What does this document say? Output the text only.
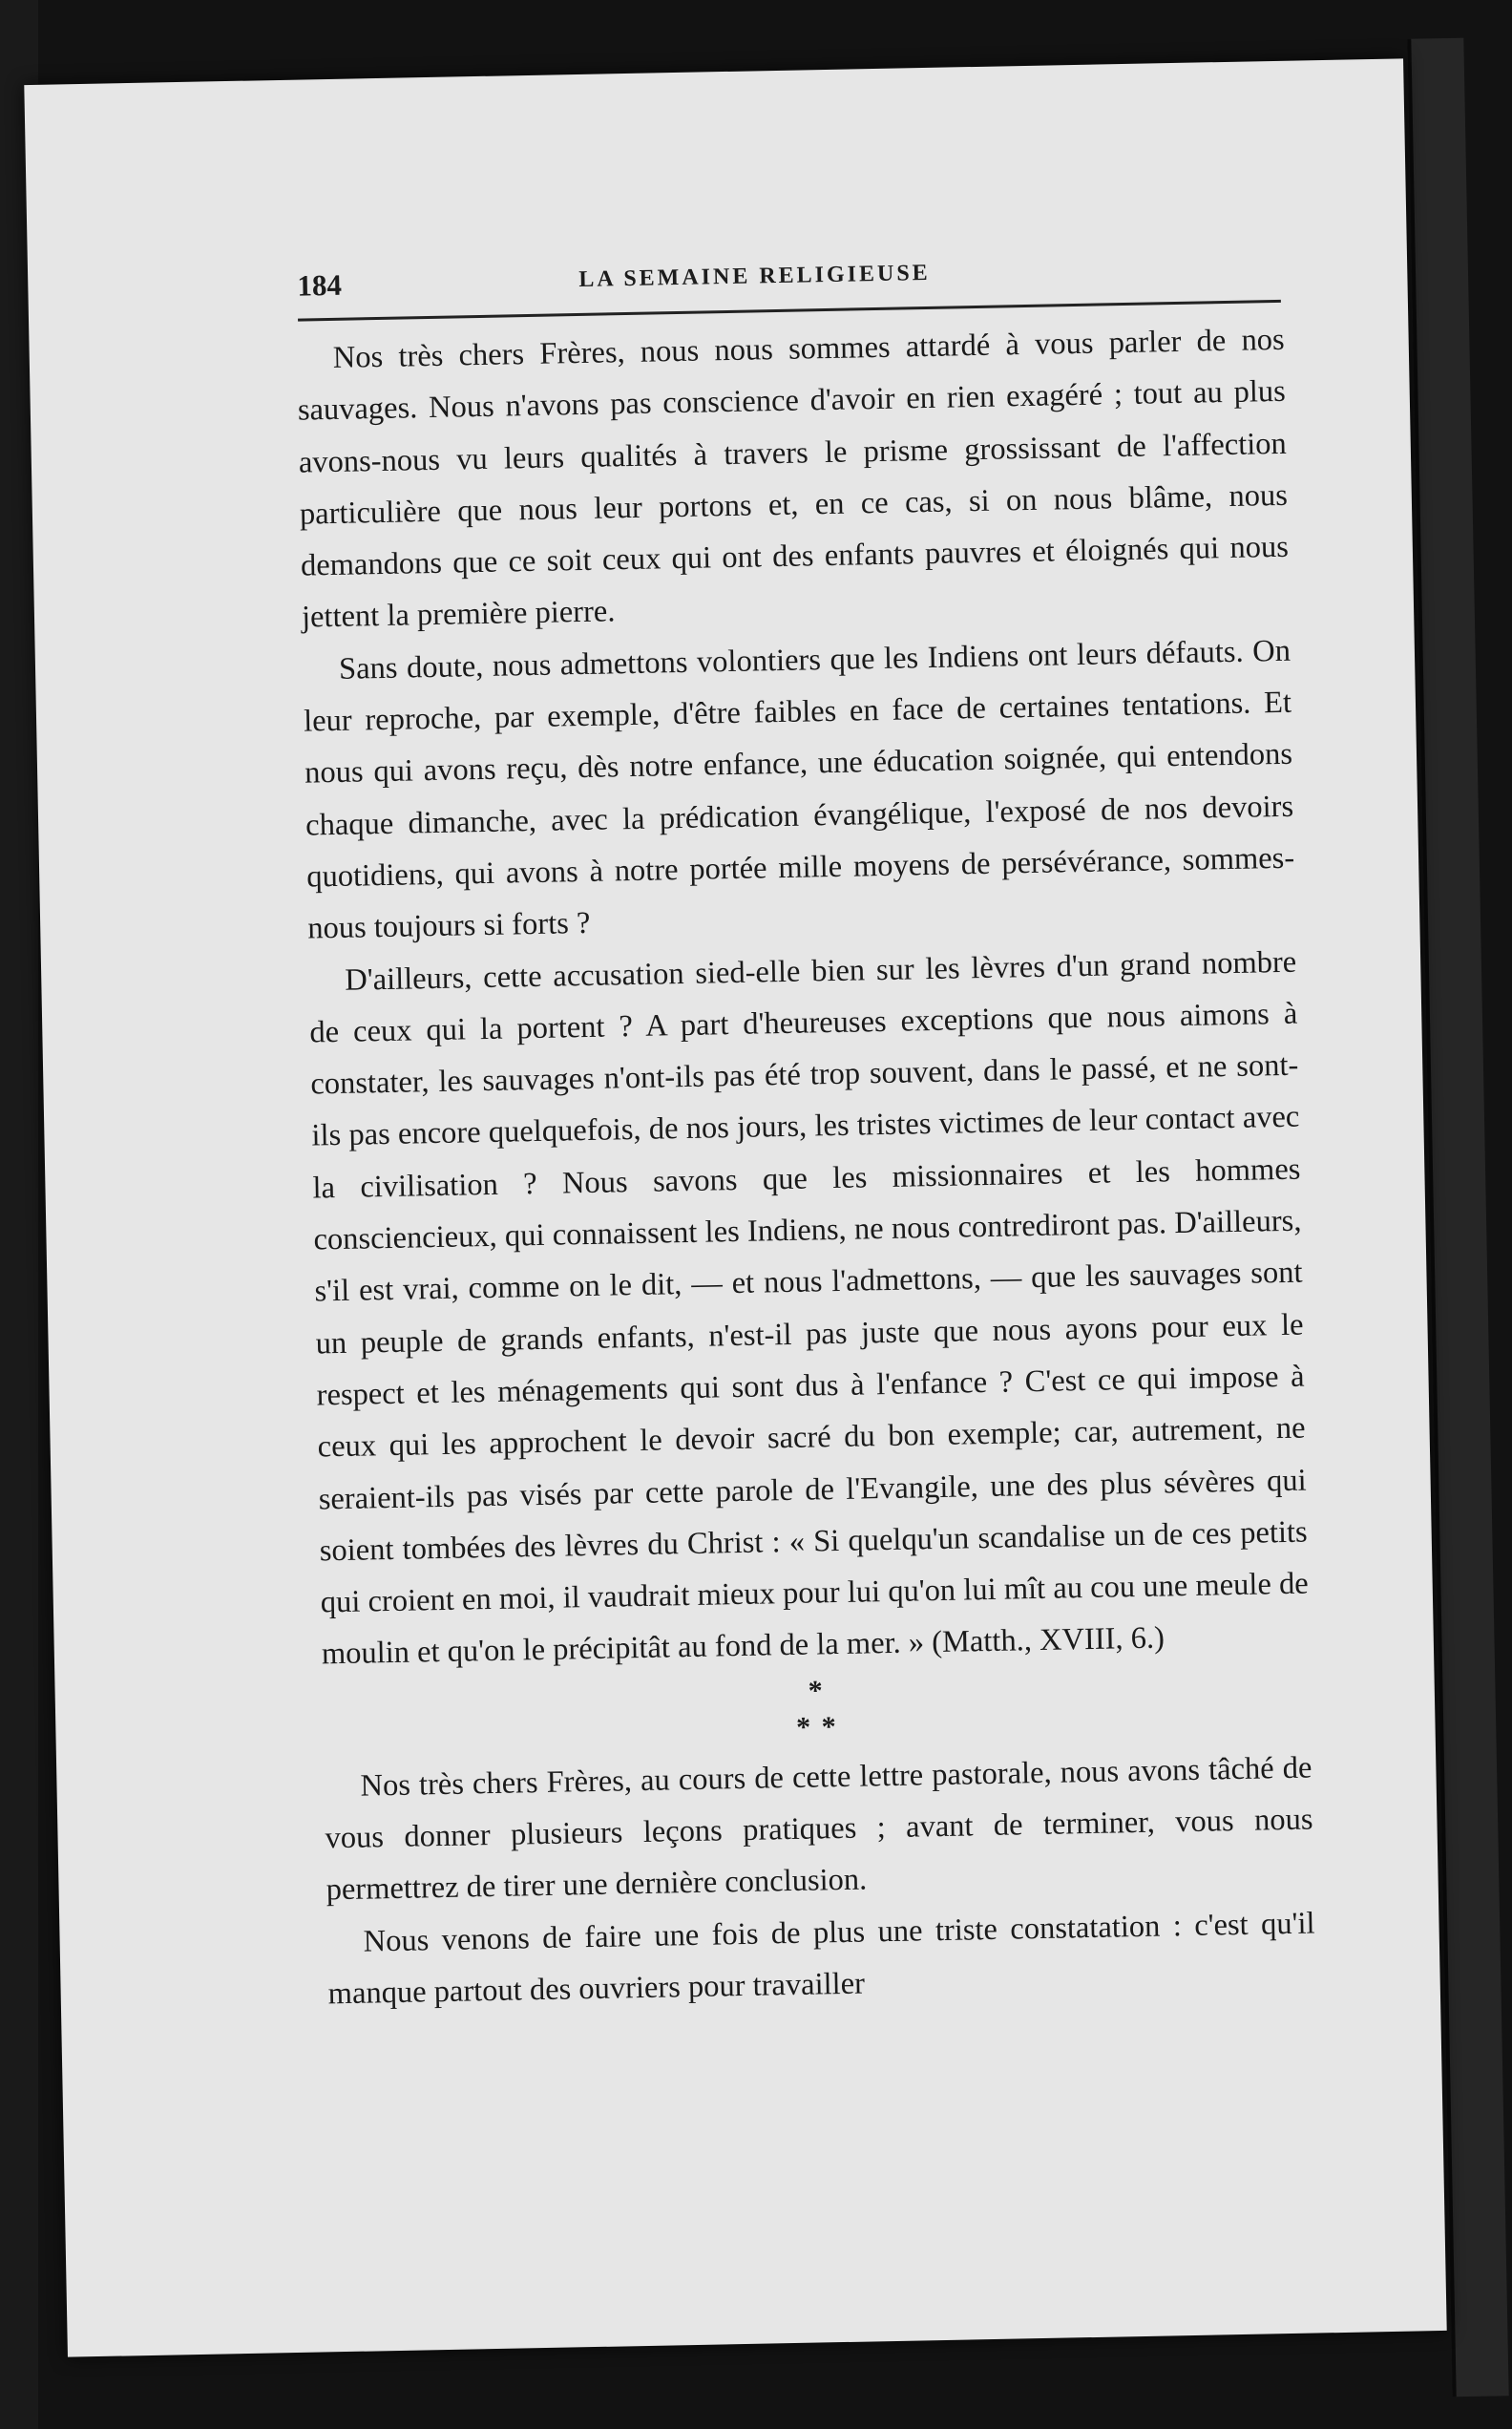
184	LA SEMAINE RELIGIEUSE

Nos très chers Frères, nous nous sommes attardé à vous parler de nos sauvages. Nous n'avons pas conscience d'avoir en rien exagéré ; tout au plus avons-nous vu leurs qualités à travers le prisme grossissant de l'affection particulière que nous leur portons et, en ce cas, si on nous blâme, nous demandons que ce soit ceux qui ont des enfants pauvres et éloignés qui nous jettent la première pierre.

Sans doute, nous admettons volontiers que les Indiens ont leurs défauts. On leur reproche, par exemple, d'être faibles en face de certaines tentations. Et nous qui avons reçu, dès notre enfance, une éducation soignée, qui entendons chaque dimanche, avec la prédication évangélique, l'exposé de nos devoirs quotidiens, qui avons à notre portée mille moyens de persévérance, sommes-nous toujours si forts ?

D'ailleurs, cette accusation sied-elle bien sur les lèvres d'un grand nombre de ceux qui la portent ? A part d'heureuses exceptions que nous aimons à constater, les sauvages n'ont-ils pas été trop souvent, dans le passé, et ne sont-ils pas encore quelquefois, de nos jours, les tristes victimes de leur contact avec la civilisation ? Nous savons que les missionnaires et les hommes consciencieux, qui connaissent les Indiens, ne nous contrediront pas. D'ailleurs, s'il est vrai, comme on le dit, — et nous l'admettons, — que les sauvages sont un peuple de grands enfants, n'est-il pas juste que nous ayons pour eux le respect et les ménagements qui sont dus à l'enfance ? C'est ce qui impose à ceux qui les approchent le devoir sacré du bon exemple; car, autrement, ne seraient-ils pas visés par cette parole de l'Evangile, une des plus sévères qui soient tombées des lèvres du Christ : « Si quelqu'un scandalise un de ces petits qui croient en moi, il vaudrait mieux pour lui qu'on lui mît au cou une meule de moulin et qu'on le précipitât au fond de la mer. » (Matth., XVIII, 6.)

*
* *

Nos très chers Frères, au cours de cette lettre pastorale, nous avons tâché de vous donner plusieurs leçons pratiques ; avant de terminer, vous nous permettrez de tirer une dernière conclusion.

Nous venons de faire une fois de plus une triste constatation : c'est qu'il manque partout des ouvriers pour travailler
